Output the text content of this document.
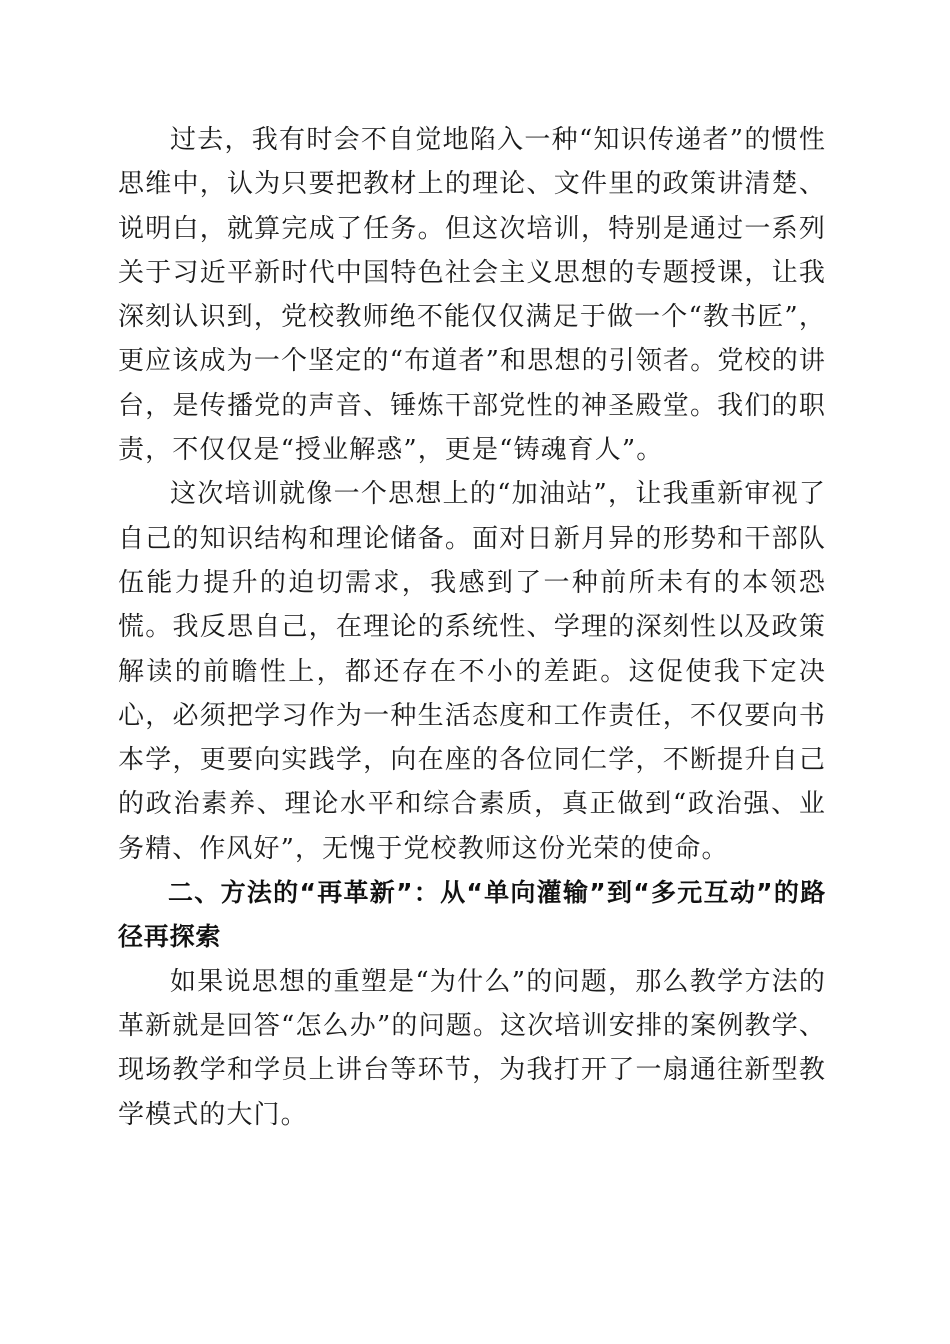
过去，我有时会不自觉地陷入一种“知识传递者”的惯性思维中，认为只要把教材上的理论、文件里的政策讲清楚、说明白，就算完成了任务。但这次培训，特别是通过一系列关于习近平新时代中国特色社会主义思想的专题授课，让我深刻认识到，党校教师绝不能仅仅满足于做一个“教书匠”，更应该成为一个坚定的“布道者”和思想的引领者。党校的讲台，是传播党的声音、锤炼干部党性的神圣殿堂。我们的职责，不仅仅是“授业解惑”，更是“铸魂育人”。

这次培训就像一个思想上的“加油站”，让我重新审视了自己的知识结构和理论储备。面对日新月异的形势和干部队伍能力提升的迫切需求，我感到了一种前所未有的本领恐慌。我反思自己，在理论的系统性、学理的深刻性以及政策解读的前瞻性上，都还存在不小的差距。这促使我下定决心，必须把学习作为一种生活态度和工作责任，不仅要向书本学，更要向实践学，向在座的各位同仁学，不断提升自己的政治素养、理论水平和综合素质，真正做到“政治强、业务精、作风好”，无愧于党校教师这份光荣的使命。

二、方法的“再革新”：从“单向灌输”到“多元互动”的路径再探索

如果说思想的重塑是“为什么”的问题，那么教学方法的革新就是回答“怎么办”的问题。这次培训安排的案例教学、现场教学和学员上讲台等环节，为我打开了一扇通往新型教学模式的大门。
